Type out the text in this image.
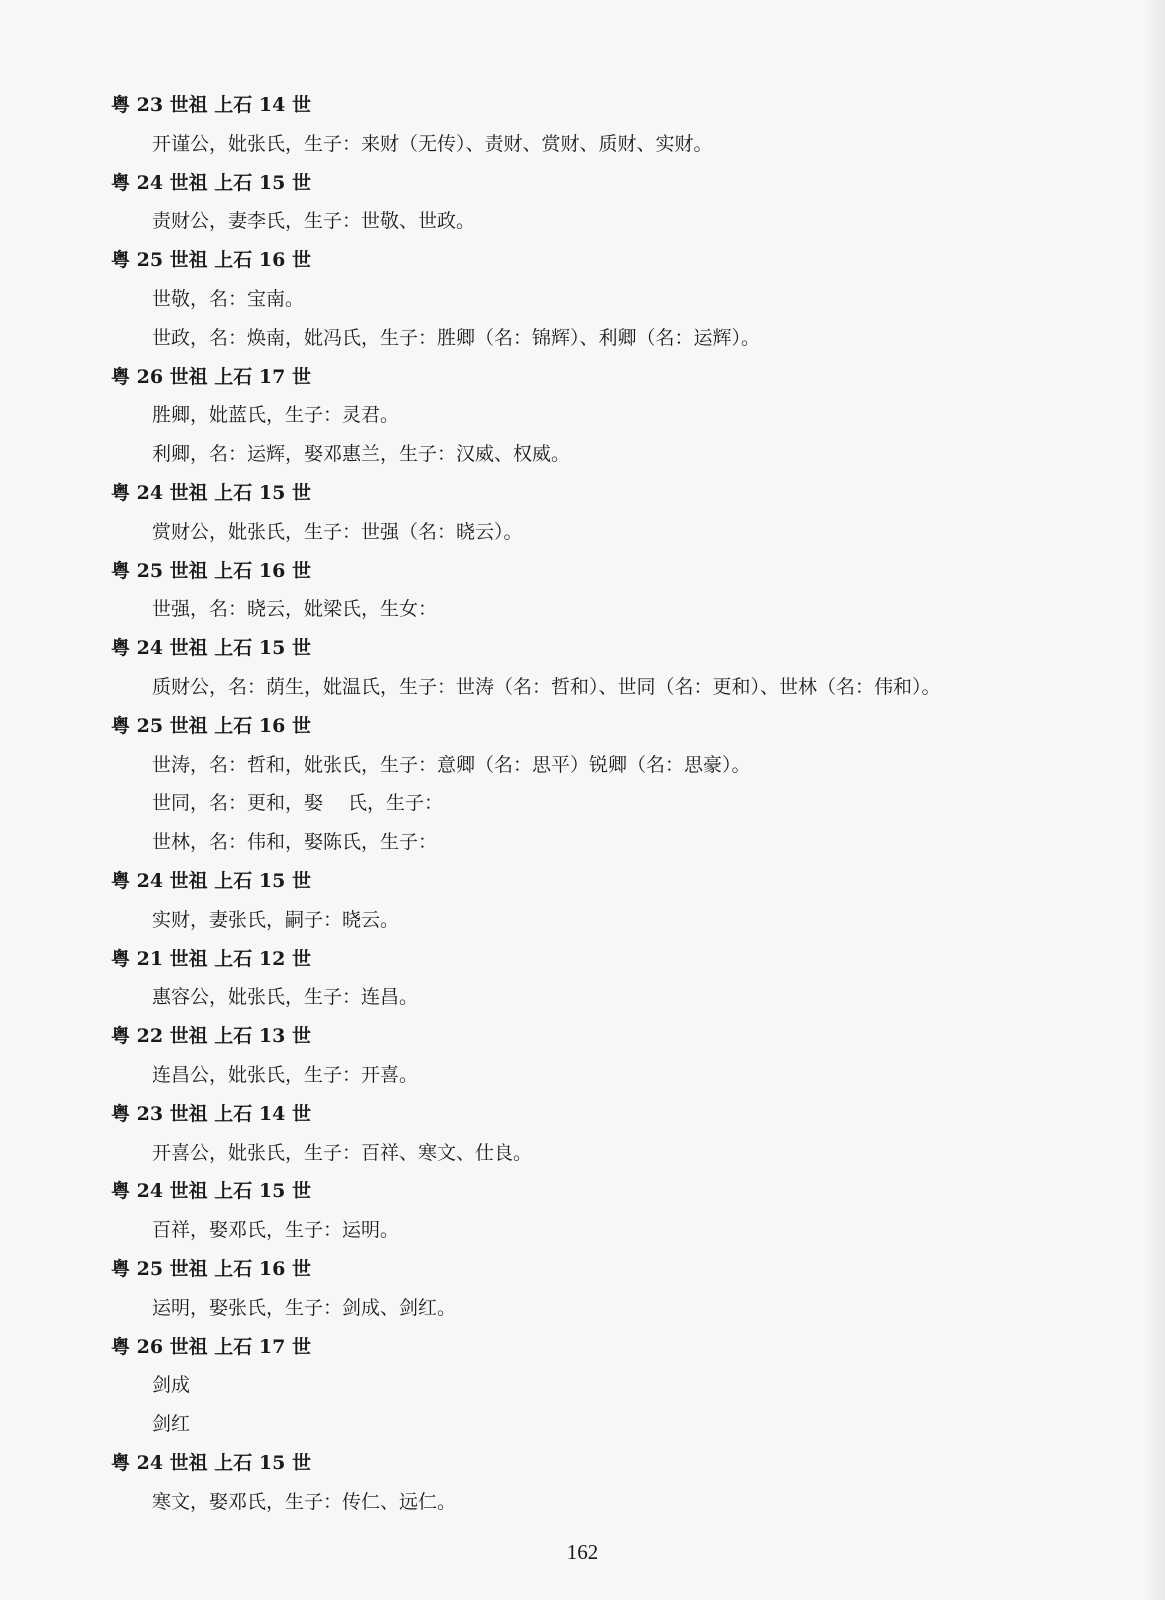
粤 23 世祖 上石 14 世
开谨公，妣张氏，生子：来财（无传）、责财、赏财、质财、实财。
粤 24 世祖 上石 15 世
责财公，妻李氏，生子：世敬、世政。
粤 25 世祖 上石 16 世
世敬，名：宝南。
世政，名：焕南，妣冯氏，生子：胜卿（名：锦辉）、利卿（名：运辉）。
粤 26 世祖 上石 17 世
胜卿，妣蓝氏，生子：灵君。
利卿，名：运辉，娶邓惠兰，生子：汉威、权威。
粤 24 世祖 上石 15 世
赏财公，妣张氏，生子：世强（名：晓云）。
粤 25 世祖 上石 16 世
世强，名：晓云，妣梁氏，生女：
粤 24 世祖 上石 15 世
质财公，名：荫生，妣温氏，生子：世涛（名：哲和）、世同（名：更和）、世林（名：伟和）。
粤 25 世祖 上石 16 世
世涛，名：哲和，妣张氏，生子：意卿（名：思平）锐卿（名：思豪）。
世同，名：更和，娶　 氏，生子：
世林，名：伟和，娶陈氏，生子：
粤 24 世祖 上石 15 世
实财，妻张氏，嗣子：晓云。
粤 21 世祖 上石 12 世
惠容公，妣张氏，生子：连昌。
粤 22 世祖 上石 13 世
连昌公，妣张氏，生子：开喜。
粤 23 世祖 上石 14 世
开喜公，妣张氏，生子：百祥、寒文、仕良。
粤 24 世祖 上石 15 世
百祥，娶邓氏，生子：运明。
粤 25 世祖 上石 16 世
运明，娶张氏，生子：剑成、剑红。
粤 26 世祖 上石 17 世
剑成
剑红
粤 24 世祖 上石 15 世
寒文，娶邓氏，生子：传仁、远仁。
162
